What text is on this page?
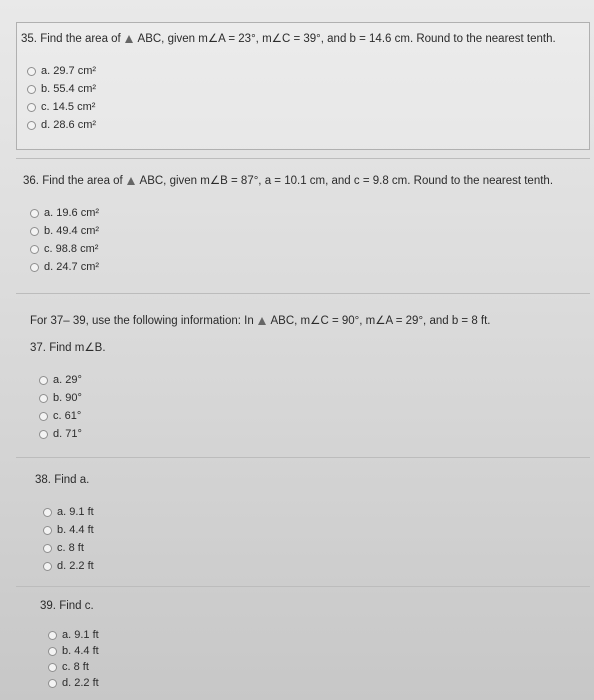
35. Find the area of ABC, given m∠A = 23°, m∠C = 39°, and b = 14.6 cm. Round to the nearest tenth.
a. 29.7 cm²
b. 55.4 cm²
c. 14.5 cm²
d. 28.6 cm²
36. Find the area of ABC, given m∠B = 87°, a = 10.1 cm, and c = 9.8 cm. Round to the nearest tenth.
a. 19.6 cm²
b. 49.4 cm²
c. 98.8 cm²
d. 24.7 cm²
For 37– 39, use the following information: In ABC, m∠C = 90°, m∠A = 29°, and b = 8 ft.
37. Find m∠B.
a. 29°
b. 90°
c. 61°
d. 71°
38. Find a.
a. 9.1 ft
b. 4.4 ft
c. 8 ft
d. 2.2 ft
39. Find c.
a. 9.1 ft
b. 4.4 ft
c. 8 ft
d. 2.2 ft
